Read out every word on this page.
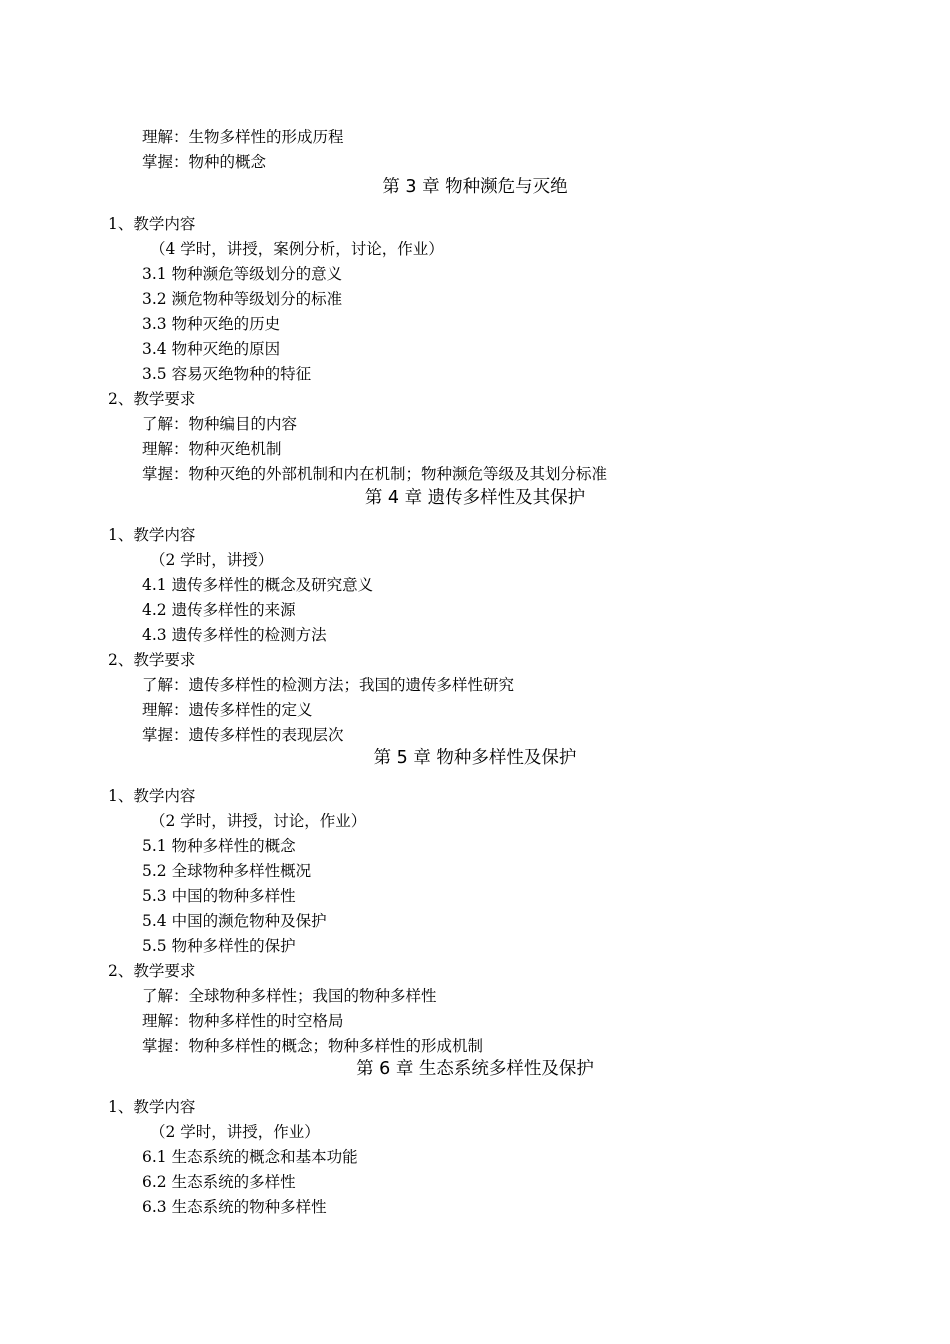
理解：生物多样性的形成历程
掌握：物种的概念
第 3 章 物种濒危与灭绝
1、教学内容
（4 学时，讲授，案例分析，讨论，作业）
3.1 物种濒危等级划分的意义
3.2 濒危物种等级划分的标准
3.3 物种灭绝的历史
3.4 物种灭绝的原因
3.5 容易灭绝物种的特征
2、教学要求
了解：物种编目的内容
理解：物种灭绝机制
掌握：物种灭绝的外部机制和内在机制；物种濒危等级及其划分标准
第 4 章 遗传多样性及其保护
1、教学内容
（2 学时，讲授）
4.1 遗传多样性的概念及研究意义
4.2 遗传多样性的来源
4.3 遗传多样性的检测方法
2、教学要求
了解：遗传多样性的检测方法；我国的遗传多样性研究
理解：遗传多样性的定义
掌握：遗传多样性的表现层次
第 5 章 物种多样性及保护
1、教学内容
（2 学时，讲授，讨论，作业）
5.1 物种多样性的概念
5.2 全球物种多样性概况
5.3 中国的物种多样性
5.4 中国的濒危物种及保护
5.5 物种多样性的保护
2、教学要求
了解：全球物种多样性；我国的物种多样性
理解：物种多样性的时空格局
掌握：物种多样性的概念；物种多样性的形成机制
第 6 章 生态系统多样性及保护
1、教学内容
（2 学时，讲授，作业）
6.1 生态系统的概念和基本功能
6.2 生态系统的多样性
6.3 生态系统的物种多样性
